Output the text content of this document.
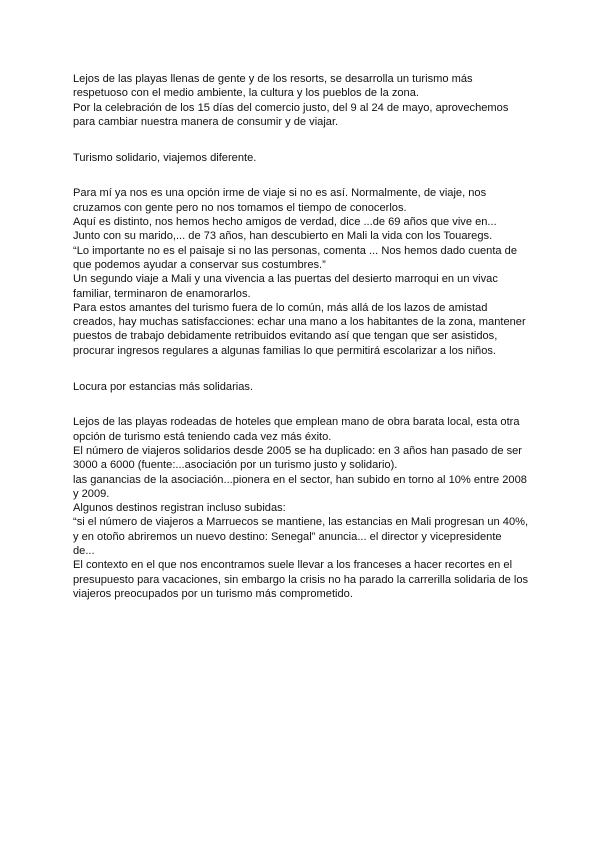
Lejos de las playas llenas de gente y de los resorts, se desarrolla un turismo más
respetuoso con el medio ambiente, la cultura y los pueblos de la zona.
Por la celebración de los 15 días del comercio justo, del 9 al 24 de mayo, aprovechemos
para cambiar nuestra manera de consumir y de viajar.
Turismo solidario, viajemos diferente.
Para mí ya nos es una opción irme de viaje si no es así. Normalmente, de viaje, nos
cruzamos con gente pero no nos tomamos el tiempo de conocerlos.
Aquí es distinto, nos hemos hecho amigos de verdad, dice ...de 69 años que vive en...
Junto con su marido,... de 73 años, han descubierto en Mali la vida con los Touaregs.
“Lo importante no es el paisaje si no las personas, comenta ... Nos hemos dado cuenta de
que podemos ayudar a conservar sus costumbres.”
Un segundo viaje a Mali y una vivencia a las puertas del desierto marroqui en un vivac
familiar, terminaron de enamorarlos.
Para estos amantes del turismo fuera de lo común, más allá de los lazos de amistad
creados, hay muchas satisfacciones: echar una mano a los habitantes de la zona, mantener
puestos de trabajo debidamente retribuidos evitando así que tengan que ser asistidos,
procurar ingresos regulares a algunas familias lo que permitirá escolarizar a los niños.
Locura por estancias más solidarias.
Lejos de las playas rodeadas de hoteles que emplean mano de obra barata local, esta otra
opción de turismo está teniendo cada vez más éxito.
El número de viajeros solidarios desde 2005 se ha duplicado: en 3 años han pasado de ser
3000 a 6000 (fuente:...asociación por un turismo justo y solidario).
las ganancias de la asociación...pionera en el sector, han subido en torno al 10% entre 2008
y 2009.
Algunos destinos registran incluso subidas:
“si el número de viajeros a Marruecos se mantiene, las estancias en Mali progresan un 40%,
y en otoño abriremos un nuevo destino: Senegal” anuncia... el director y vicepresidente
de...
El contexto en el que nos encontramos suele llevar a los franceses a hacer recortes en el
presupuesto para vacaciones, sin embargo la crisis no ha parado la carrerilla solidaria de los
viajeros preocupados por un turismo más comprometido.
